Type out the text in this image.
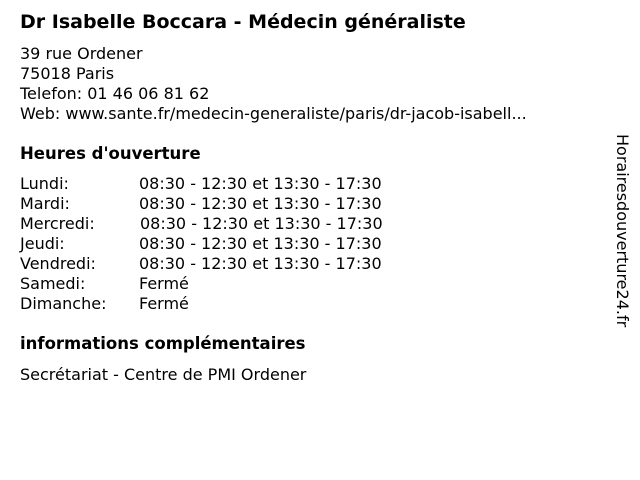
Dr Isabelle Boccara - Médecin généraliste
39 rue Ordener
75018 Paris
Telefon: 01 46 06 81 62
Web: www.sante.fr/medecin-generaliste/paris/dr-jacob-isabell...
Heures d'ouverture
Lundi:	08:30 - 12:30 et 13:30 - 17:30
Mardi:	08:30 - 12:30 et 13:30 - 17:30
Mercredi:	08:30 - 12:30 et 13:30 - 17:30
Jeudi:	08:30 - 12:30 et 13:30 - 17:30
Vendredi:	08:30 - 12:30 et 13:30 - 17:30
Samedi:	Fermé
Dimanche: Fermé
informations complémentaires
Secrétariat - Centre de PMI Ordener
Horairesdouverture24.fr
